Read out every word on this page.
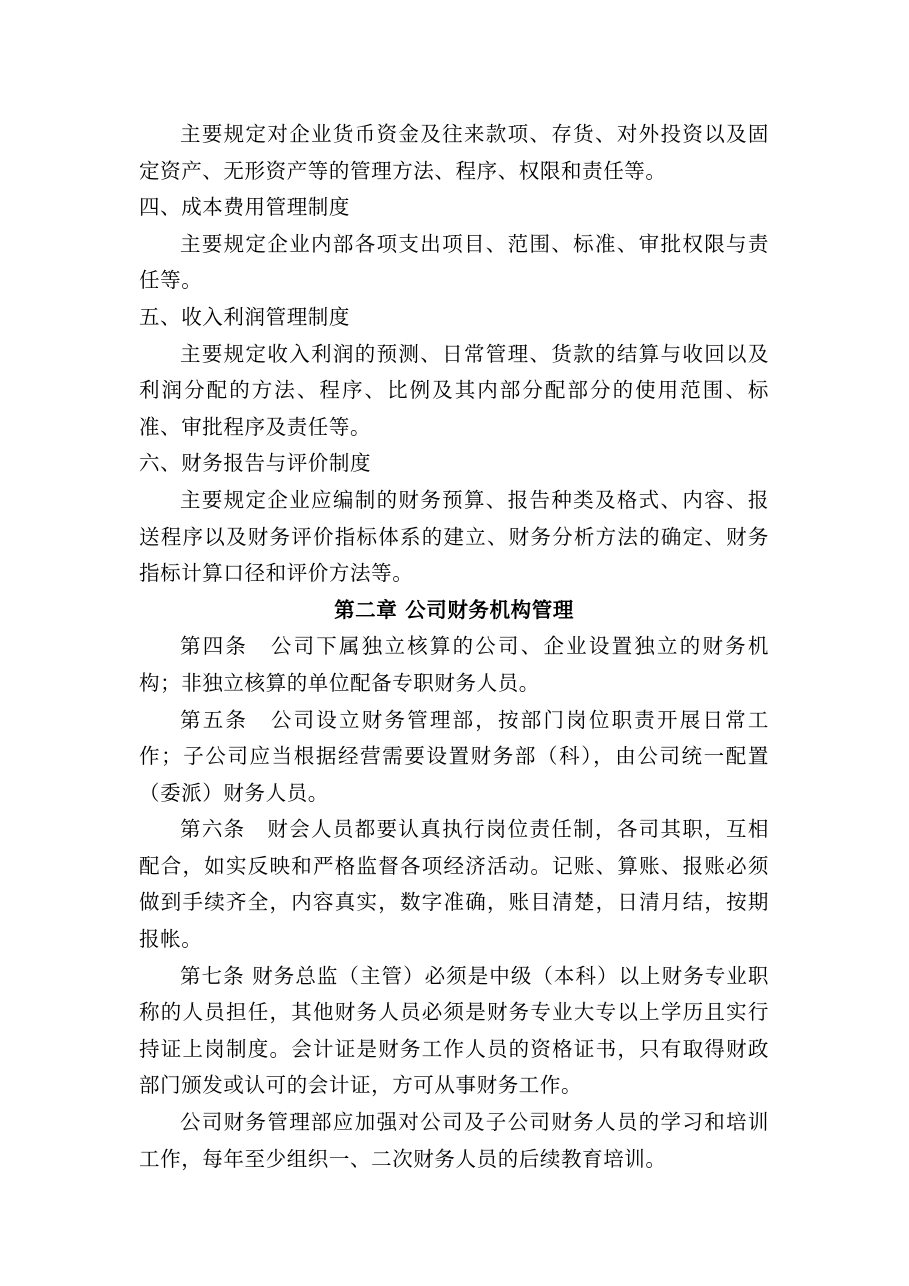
主要规定对企业货币资金及往来款项、存货、对外投资以及固定资产、无形资产等的管理方法、程序、权限和责任等。

四、成本费用管理制度

主要规定企业内部各项支出项目、范围、标准、审批权限与责任等。

五、收入利润管理制度

主要规定收入利润的预测、日常管理、货款的结算与收回以及利润分配的方法、程序、比例及其内部分配部分的使用范围、标准、审批程序及责任等。

六、财务报告与评价制度

主要规定企业应编制的财务预算、报告种类及格式、内容、报送程序以及财务评价指标体系的建立、财务分析方法的确定、财务指标计算口径和评价方法等。

第二章 公司财务机构管理

第四条　公司下属独立核算的公司、企业设置独立的财务机构；非独立核算的单位配备专职财务人员。

第五条　公司设立财务管理部，按部门岗位职责开展日常工作；子公司应当根据经营需要设置财务部（科），由公司统一配置（委派）财务人员。

第六条　财会人员都要认真执行岗位责任制，各司其职，互相配合，如实反映和严格监督各项经济活动。记账、算账、报账必须做到手续齐全，内容真实，数字准确，账目清楚，日清月结，按期报帐。

第七条 财务总监（主管）必须是中级（本科）以上财务专业职称的人员担任，其他财务人员必须是财务专业大专以上学历且实行持证上岗制度。会计证是财务工作人员的资格证书，只有取得财政部门颁发或认可的会计证，方可从事财务工作。

公司财务管理部应加强对公司及子公司财务人员的学习和培训工作，每年至少组织一、二次财务人员的后续教育培训。
